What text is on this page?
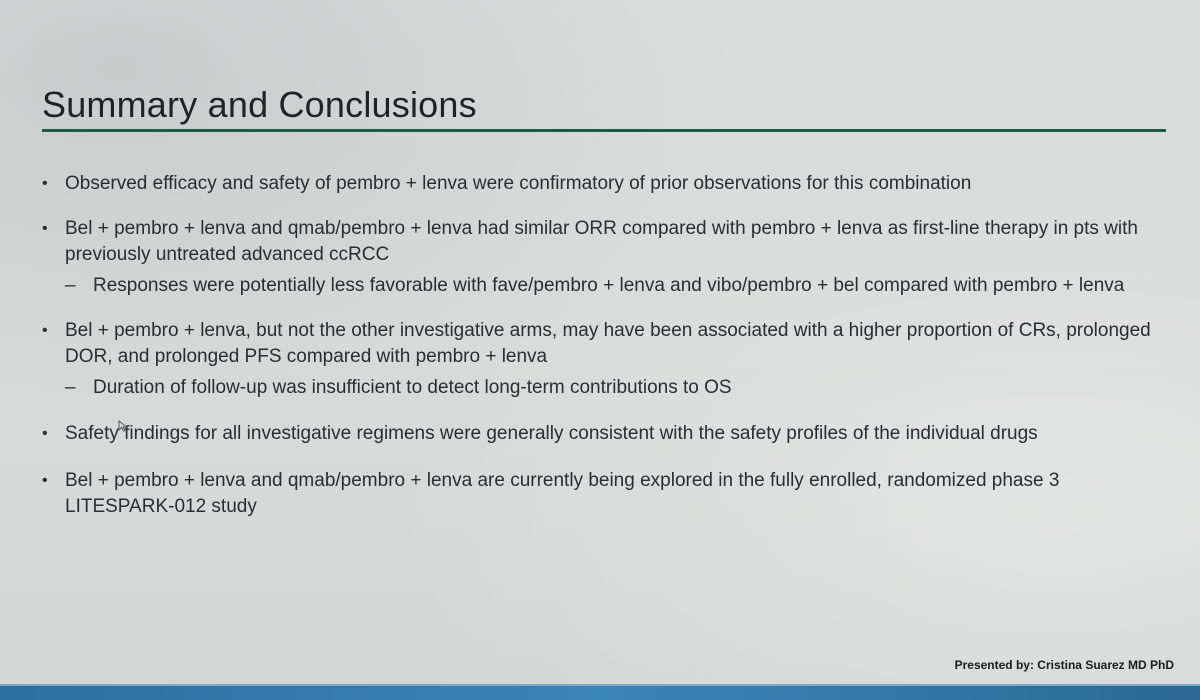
Summary and Conclusions
• Observed efficacy and safety of pembro + lenva were confirmatory of prior observations for this combination
• Bel + pembro + lenva and qmab/pembro + lenva had similar ORR compared with pembro + lenva as first-line therapy in pts with previously untreated advanced ccRCC
– Responses were potentially less favorable with fave/pembro + lenva and vibo/pembro + bel compared with pembro + lenva
• Bel + pembro + lenva, but not the other investigative arms, may have been associated with a higher proportion of CRs, prolonged DOR, and prolonged PFS compared with pembro + lenva
– Duration of follow-up was insufficient to detect long-term contributions to OS
• Safety findings for all investigative regimens were generally consistent with the safety profiles of the individual drugs
• Bel + pembro + lenva and qmab/pembro + lenva are currently being explored in the fully enrolled, randomized phase 3 LITESPARK-012 study
Presented by: Cristina Suarez MD PhD
